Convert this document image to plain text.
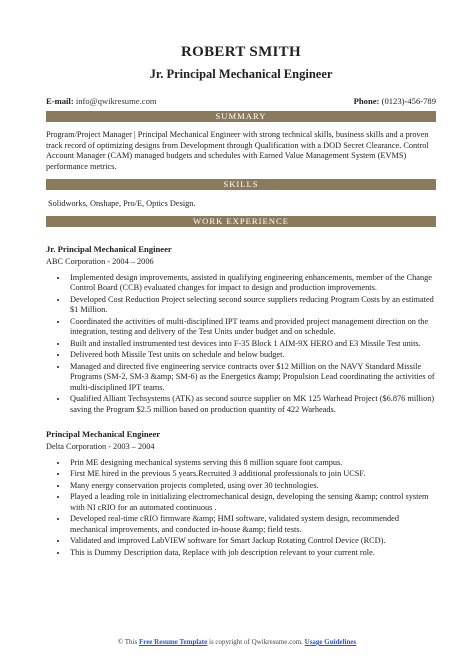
ROBERT SMITH
Jr. Principal Mechanical Engineer
E-mail: info@qwikresume.com	Phone: (0123)-456-789
SUMMARY
Program/Project Manager | Principal Mechanical Engineer with strong technical skills, business skills and a proven track record of optimizing designs from Development through Qualification with a DOD Secret Clearance. Control Account Manager (CAM) managed budgets and schedules with Earned Value Management System (EVMS) performance metrics.
SKILLS
Solidworks, Onshape, Pro/E, Optics Design.
WORK EXPERIENCE
Jr. Principal Mechanical Engineer
ABC Corporation - 2004 – 2006
• Implemented design improvements, assisted in qualifying engineering enhancements, member of the Change Control Board (CCB) evaluated changes for impact to design and production improvements.
• Developed Cost Reduction Project selecting second source suppliers reducing Program Costs by an estimated $1 Million.
• Coordinated the activities of multi-disciplined IPT teams and provided project management direction on the integration, testing and delivery of the Test Units under budget and on schedule.
• Built and installed instrumented test devices into F-35 Block 1 AIM-9X HERO and E3 Missile Test units.
• Delivered both Missile Test units on schedule and below budget.
• Managed and directed five engineering service contracts over $12 Million on the NAVY Standard Missile Programs (SM-2, SM-3 &amp; SM-6) as the Energetics &amp; Propulsion Lead coordinating the activities of multi-disciplined IPT teams.
• Qualified Alliant Techsystems (ATK) as second source supplier on MK 125 Warhead Project ($6.876 million) saving the Program $2.5 million based on production quantity of 422 Warheads.
Principal Mechanical Engineer
Delta Corporation - 2003 – 2004
• Prin ME designing mechanical systems serving this 8 million square foot campus.
• First ME hired in the previous 5 years.Recruited 3 additional professionals to join UCSF.
• Many energy conservation projects completed, using over 30 technologies.
• Played a leading role in initializing electromechanical design, developing the sensing &amp; control system with NI cRIO for an automated continuous .
• Developed real-time cRIO firmware &amp; HMI software, validated system design, recommended mechanical improvements, and conducted in-house &amp; field tests.
• Validated and improved LabVIEW software for Smart Jackup Rotating Control Device (RCD).
• This is Dummy Description data, Replace with job description relevant to your current role.
© This Free Resume Template is copyright of Qwikresume.com. Usage Guidelines
